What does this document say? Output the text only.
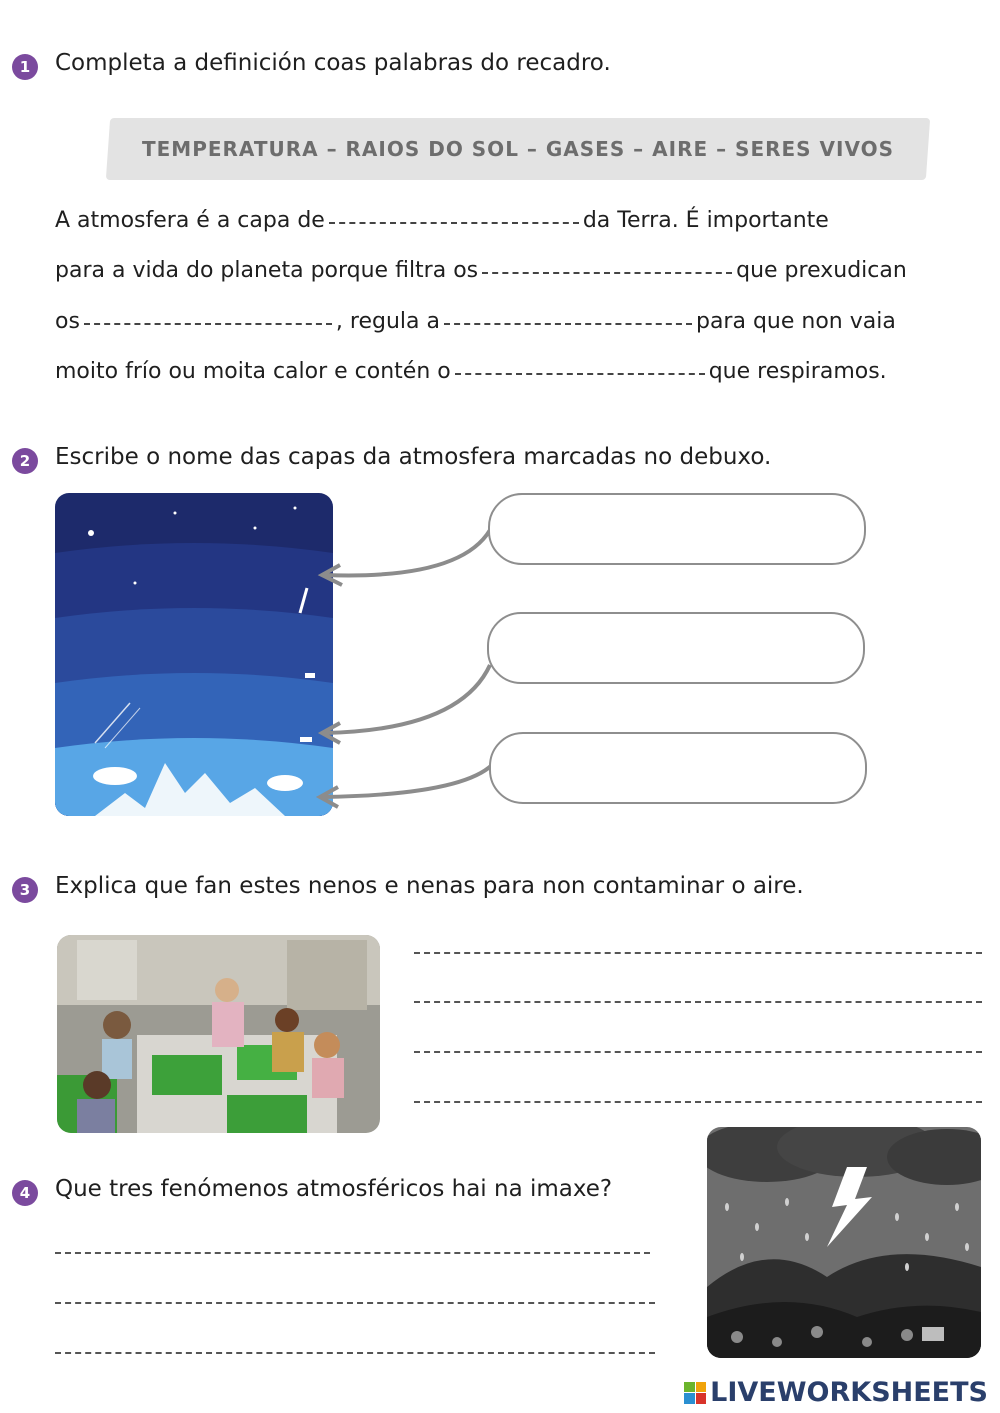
1	Completa a definición coas palabras do recadro.
TEMPERATURA – RAIOS DO SOL – GASES – AIRE – SERES VIVOS
A atmosfera é a capa de	da Terra. É importante
para a vida do planeta porque filtra os	que prexudican
os	, regula a	para que non vaia
moito frío ou moita calor e contén o	que respiramos.
2	Escribe o nome das capas da atmosfera marcadas no debuxo.
3	Explica que fan estes nenos e nenas para non contaminar o aire.
4	Que tres fenómenos atmosféricos hai na imaxe?
LIVEWORKSHEETS
